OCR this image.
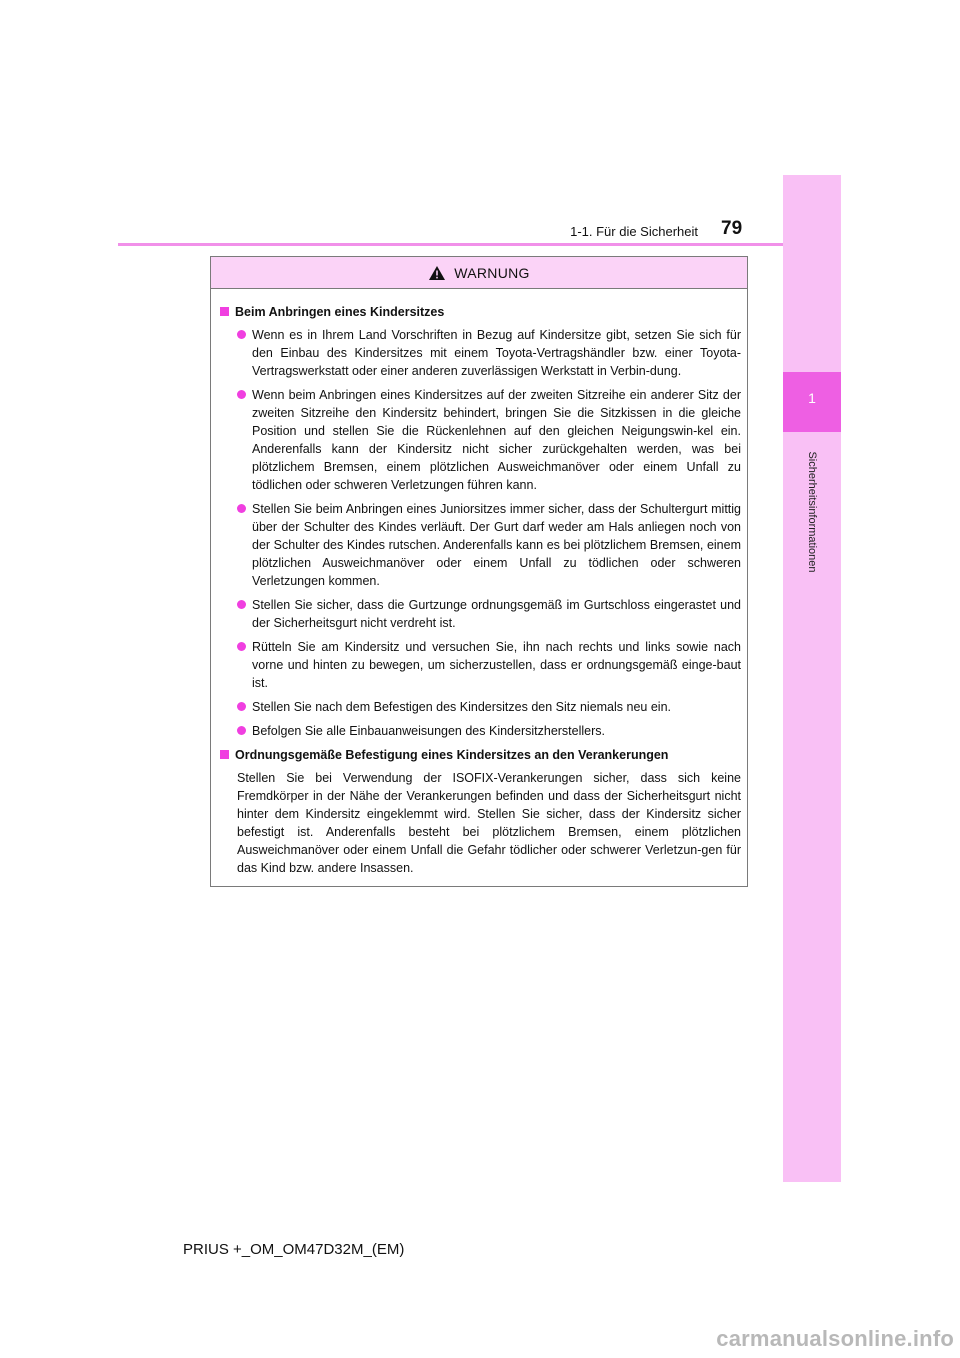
1
Sicherheitsinformationen
1-1. Für die Sicherheit 79
WARNUNG
Beim Anbringen eines Kindersitzes
Wenn es in Ihrem Land Vorschriften in Bezug auf Kindersitze gibt, setzen Sie sich für den Einbau des Kindersitzes mit einem Toyota-Vertragshändler bzw. einer Toyota-Vertragswerkstatt oder einer anderen zuverlässigen Werkstatt in Verbin-dung.
Wenn beim Anbringen eines Kindersitzes auf der zweiten Sitzreihe ein anderer Sitz der zweiten Sitzreihe den Kindersitz behindert, bringen Sie die Sitzkissen in die gleiche Position und stellen Sie die Rückenlehnen auf den gleichen Neigungswin-kel ein. Anderenfalls kann der Kindersitz nicht sicher zurückgehalten werden, was bei plötzlichem Bremsen, einem plötzlichen Ausweichmanöver oder einem Unfall zu tödlichen oder schweren Verletzungen führen kann.
Stellen Sie beim Anbringen eines Juniorsitzes immer sicher, dass der Schultergurt mittig über der Schulter des Kindes verläuft. Der Gurt darf weder am Hals anliegen noch von der Schulter des Kindes rutschen. Anderenfalls kann es bei plötzlichem Bremsen, einem plötzlichen Ausweichmanöver oder einem Unfall zu tödlichen oder schweren Verletzungen kommen.
Stellen Sie sicher, dass die Gurtzunge ordnungsgemäß im Gurtschloss eingerastet und der Sicherheitsgurt nicht verdreht ist.
Rütteln Sie am Kindersitz und versuchen Sie, ihn nach rechts und links sowie nach vorne und hinten zu bewegen, um sicherzustellen, dass er ordnungsgemäß einge-baut ist.
Stellen Sie nach dem Befestigen des Kindersitzes den Sitz niemals neu ein.
Befolgen Sie alle Einbauanweisungen des Kindersitzherstellers.
Ordnungsgemäße Befestigung eines Kindersitzes an den Verankerungen
Stellen Sie bei Verwendung der ISOFIX-Verankerungen sicher, dass sich keine Fremdkörper in der Nähe der Verankerungen befinden und dass der Sicherheitsgurt nicht hinter dem Kindersitz eingeklemmt wird. Stellen Sie sicher, dass der Kindersitz sicher befestigt ist. Anderenfalls besteht bei plötzlichem Bremsen, einem plötzlichen Ausweichmanöver oder einem Unfall die Gefahr tödlicher oder schwerer Verletzun-gen für das Kind bzw. andere Insassen.
PRIUS +_OM_OM47D32M_(EM)
carmanualsonline.info
